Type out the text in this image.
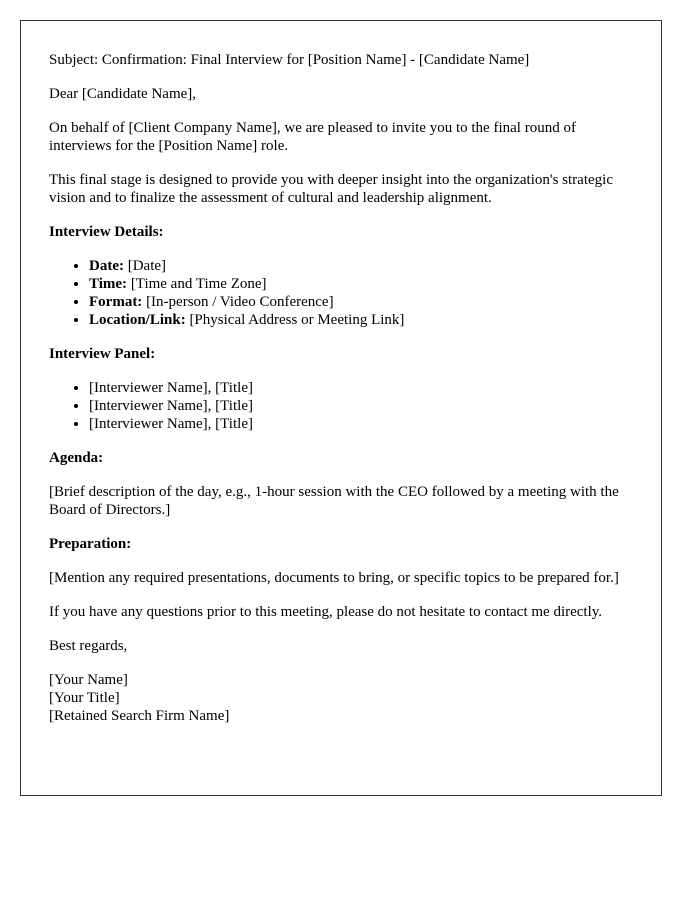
Subject: Confirmation: Final Interview for [Position Name] - [Candidate Name]

Dear [Candidate Name],

On behalf of [Client Company Name], we are pleased to invite you to the final round of interviews for the [Position Name] role.

This final stage is designed to provide you with deeper insight into the organization's strategic vision and to finalize the assessment of cultural and leadership alignment.

Interview Details:

• Date: [Date]
• Time: [Time and Time Zone]
• Format: [In-person / Video Conference]
• Location/Link: [Physical Address or Meeting Link]

Interview Panel:

• [Interviewer Name], [Title]
• [Interviewer Name], [Title]
• [Interviewer Name], [Title]

Agenda:

[Brief description of the day, e.g., 1-hour session with the CEO followed by a meeting with the Board of Directors.]

Preparation:

[Mention any required presentations, documents to bring, or specific topics to be prepared for.]

If you have any questions prior to this meeting, please do not hesitate to contact me directly.

Best regards,

[Your Name]
[Your Title]
[Retained Search Firm Name]
